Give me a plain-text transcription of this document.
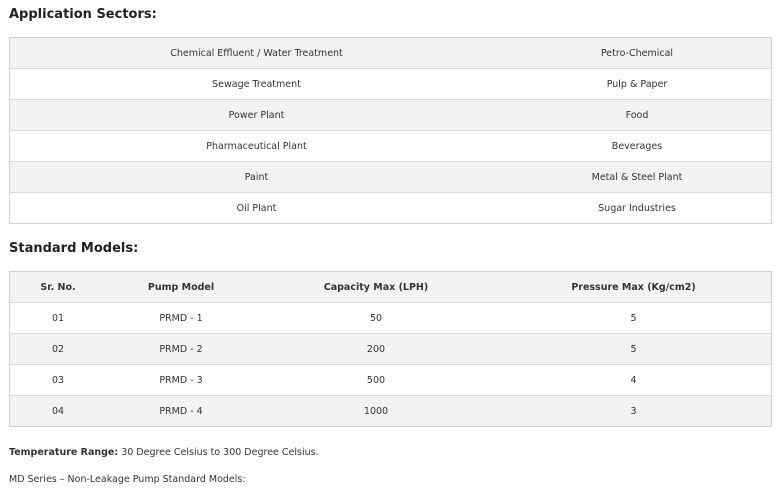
Application Sectors:
Chemical Effluent / Water Treatment	Petro-Chemical
Sewage Treatment	Pulp & Paper
Power Plant	Food
Pharmaceutical Plant	Beverages
Paint	Metal & Steel Plant
Oil Plant	Sugar Industries
Standard Models:
Sr. No.	Pump Model	Capacity Max (LPH)	Pressure Max (Kg/cm2)
01	PRMD - 1	50	5
02	PRMD - 2	200	5
03	PRMD - 3	500	4
04	PRMD - 4	1000	3

Temperature Range: 30 Degree Celsius to 300 Degree Celsius.

MD Series – Non-Leakage Pump Standard Models:
